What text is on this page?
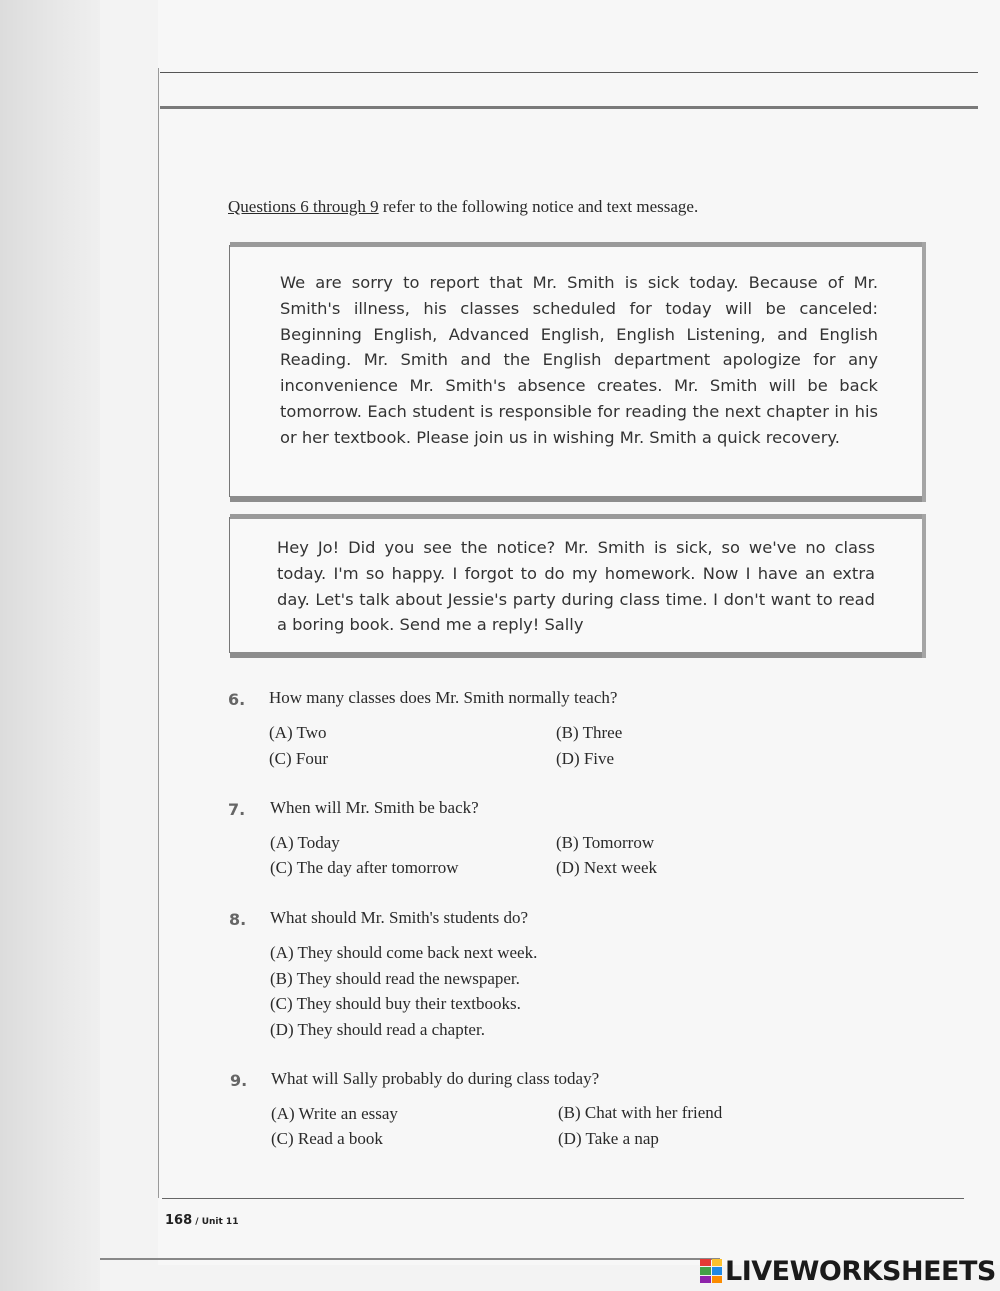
Questions 6 through 9 refer to the following notice and text message.

We are sorry to report that Mr. Smith is sick today. Because of Mr. Smith's illness, his classes scheduled for today will be canceled: Beginning English, Advanced English, English Listening, and English Reading. Mr. Smith and the English department apologize for any inconvenience Mr. Smith's absence creates. Mr. Smith will be back tomorrow. Each student is responsible for reading the next chapter in his or her textbook. Please join us in wishing Mr. Smith a quick recovery.

Hey Jo! Did you see the notice? Mr. Smith is sick, so we've no class today. I'm so happy. I forgot to do my homework. Now I have an extra day. Let's talk about Jessie's party during class time. I don't want to read a boring book. Send me a reply! Sally

6. How many classes does Mr. Smith normally teach?
(A) Two	(B) Three
(C) Four	(D) Five
7. When will Mr. Smith be back?
(A) Today	(B) Tomorrow
(C) The day after tomorrow	(D) Next week
8. What should Mr. Smith's students do?
(A) They should come back next week.
(B) They should read the newspaper.
(C) They should buy their textbooks.
(D) They should read a chapter.
9. What will Sally probably do during class today?
(A) Write an essay	(B) Chat with her friend
(C) Read a book	(D) Take a nap
168 / Unit 11
LIVEWORKSHEETS
